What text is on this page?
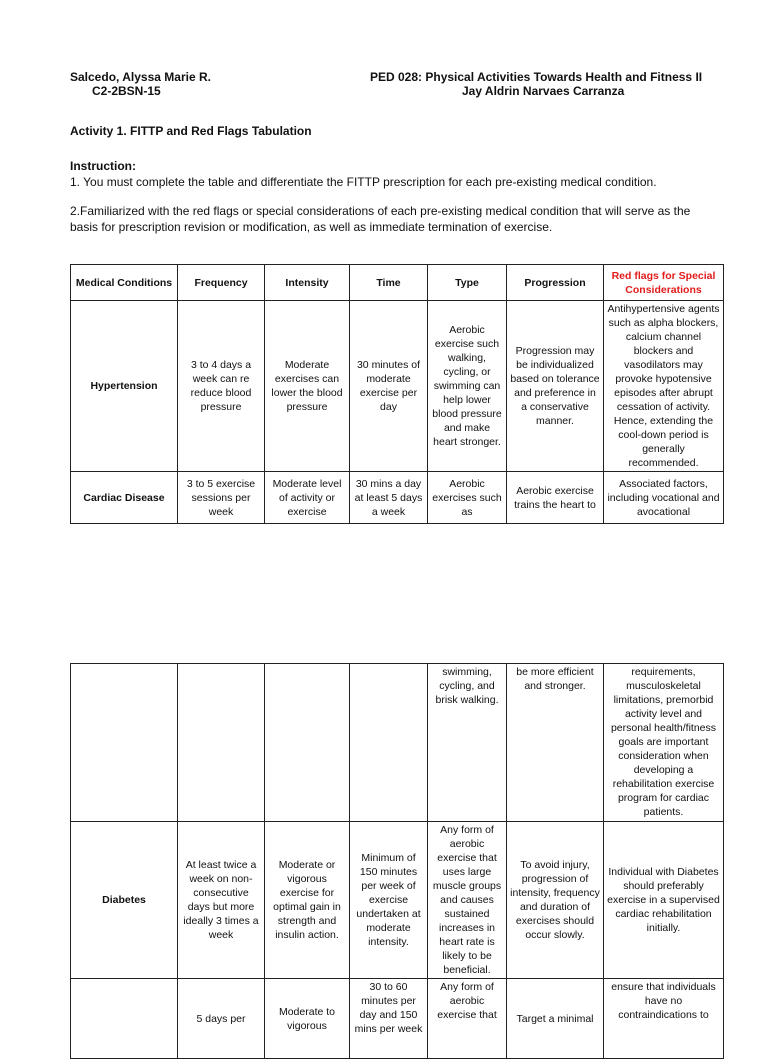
Salcedo, Alyssa Marie R.
C2-2BSN-15
PED 028: Physical Activities Towards Health and Fitness II
Jay Aldrin Narvaes Carranza
Activity 1. FITTP and Red Flags Tabulation
Instruction:
1. You must complete the table and differentiate the FITTP prescription for each pre-existing medical condition.
2.Familiarized with the red flags or special considerations of each pre-existing medical condition that will serve as the basis for prescription revision or modification, as well as immediate termination of exercise.
Medical Conditions	Frequency	Intensity	Time	Type	Progression	Red flags for Special Considerations
Hypertension	3 to 4 days a week can re reduce blood pressure	Moderate exercises can lower the blood pressure	30 minutes of moderate exercise per day	Aerobic exercise such walking, cycling, or swimming can help lower blood pressure and make heart stronger.	Progression may be individualized based on tolerance and preference in a conservative manner.	Antihypertensive agents such as alpha blockers, calcium channel blockers and vasodilators may provoke hypotensive episodes after abrupt cessation of activity. Hence, extending the cool-down period is generally recommended.
Cardiac Disease	3 to 5 exercise sessions per week	Moderate level of activity or exercise	30 mins a day at least 5 days a week	Aerobic exercises such as	Aerobic exercise trains the heart to	Associated factors, including vocational and avocational
				swimming, cycling, and brisk walking.	be more efficient and stronger.	requirements, musculoskeletal limitations, premorbid activity level and personal health/fitness goals are important consideration when developing a rehabilitation exercise program for cardiac patients.
Diabetes	At least twice a week on non-consecutive days but more ideally 3 times a week	Moderate or vigorous exercise for optimal gain in strength and insulin action.	Minimum of 150 minutes per week of exercise undertaken at moderate intensity.	Any form of aerobic exercise that uses large muscle groups and causes sustained increases in heart rate is likely to be beneficial.	To avoid injury, progression of intensity, frequency and duration of exercises should occur slowly.	Individual with Diabetes should preferably exercise in a supervised cardiac rehabilitation initially.
	5 days per	Moderate to vigorous	30 to 60 minutes per day and 150 mins per week	Any form of aerobic exercise that	Target a minimal	ensure that individuals have no contraindications to
